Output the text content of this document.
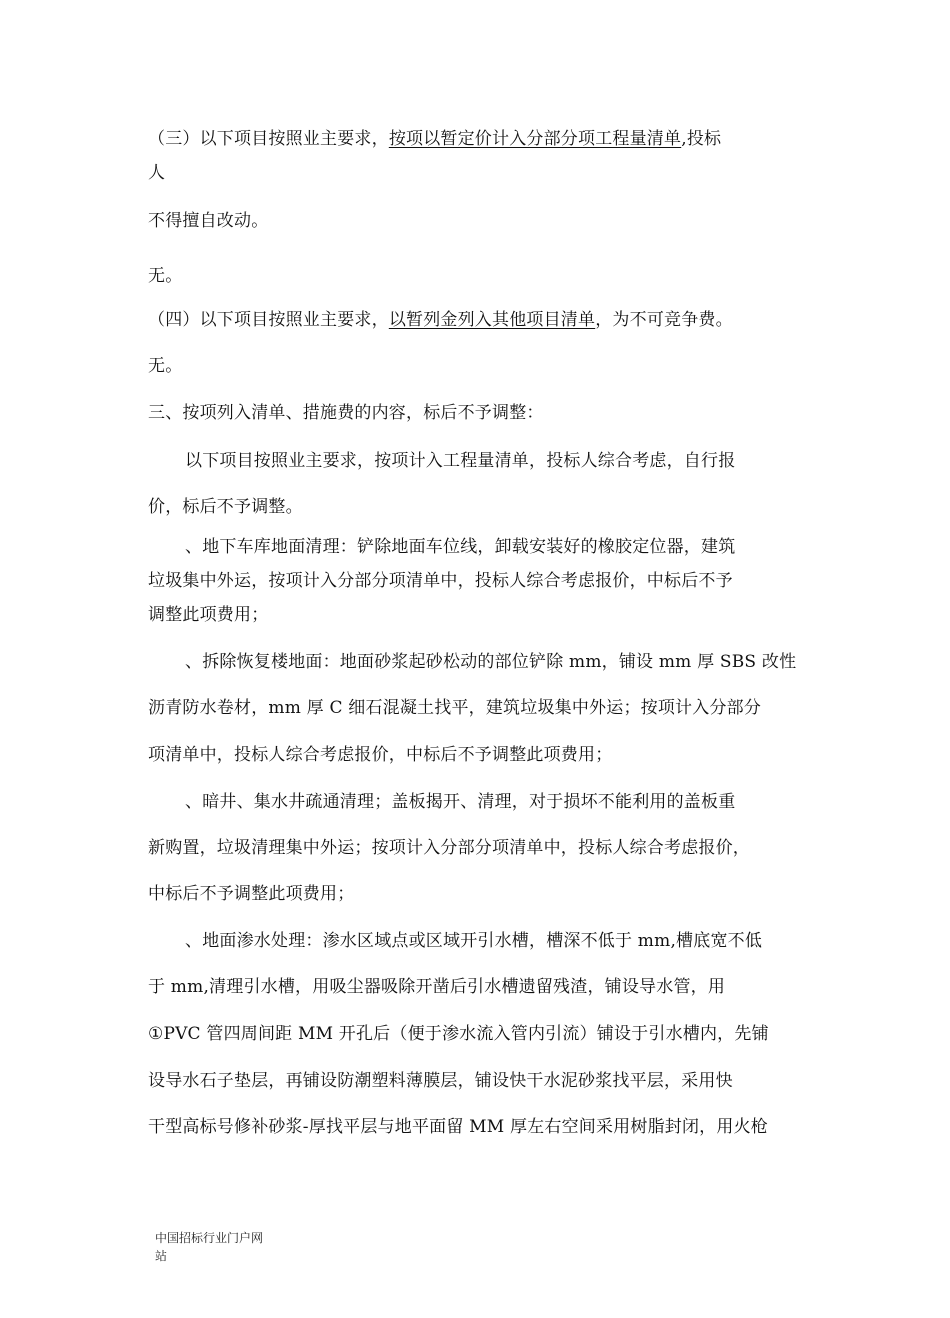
（三）以下项目按照业主要求，按项以暂定价计入分部分项工程量清单,投标
人
不得擅自改动。
无。
（四）以下项目按照业主要求，以暂列金列入其他项目清单，为不可竞争费。
无。
三、按项列入清单、措施费的内容，标后不予调整：
以下项目按照业主要求，按项计入工程量清单，投标人综合考虑，自行报
价，标后不予调整。
、地下车库地面清理：铲除地面车位线，卸载安装好的橡胶定位器，建筑
垃圾集中外运，按项计入分部分项清单中，投标人综合考虑报价，中标后不予
调整此项费用；
、拆除恢复楼地面：地面砂浆起砂松动的部位铲除 mm，铺设 mm 厚 SBS 改性
沥青防水卷材，mm 厚 C 细石混凝土找平，建筑垃圾集中外运；按项计入分部分
项清单中，投标人综合考虑报价，中标后不予调整此项费用；
、暗井、集水井疏通清理；盖板揭开、清理，对于损坏不能利用的盖板重
新购置，垃圾清理集中外运；按项计入分部分项清单中，投标人综合考虑报价，
中标后不予调整此项费用；
、地面渗水处理：渗水区域点或区域开引水槽，槽深不低于 mm,槽底宽不低
于 mm,清理引水槽，用吸尘器吸除开凿后引水槽遗留残渣，铺设导水管，用
①PVC 管四周间距 MM 开孔后（便于渗水流入管内引流）铺设于引水槽内，先铺
设导水石子垫层，再铺设防潮塑料薄膜层，铺设快干水泥砂浆找平层，采用快
干型高标号修补砂浆-厚找平层与地平面留 MM 厚左右空间采用树脂封闭，用火枪
中国招标行业门户网
站
